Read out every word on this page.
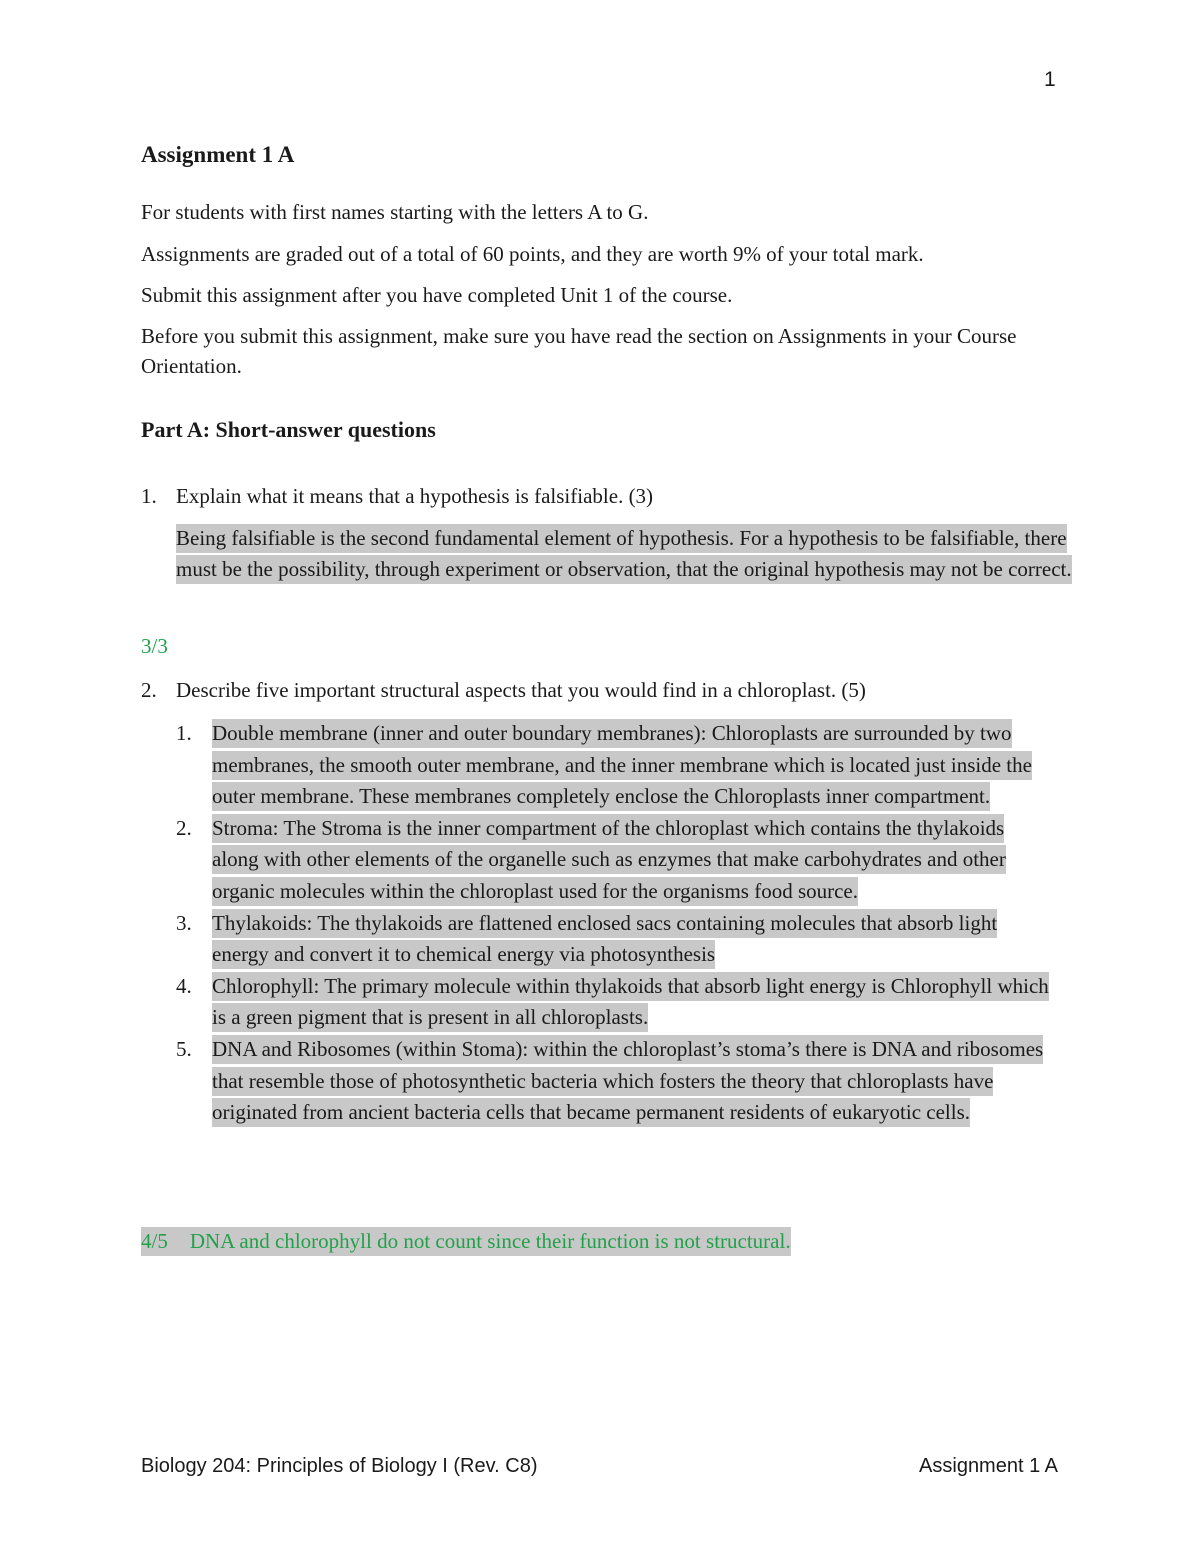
1
Assignment 1 A

For students with first names starting with the letters A to G.

Assignments are graded out of a total of 60 points, and they are worth 9% of your total mark.

Submit this assignment after you have completed Unit 1 of the course.

Before you submit this assignment, make sure you have read the section on Assignments in your Course Orientation.

Part A: Short-answer questions
1. Explain what it means that a hypothesis is falsifiable. (3)
Being falsifiable is the second fundamental element of hypothesis. For a hypothesis to be falsifiable, there must be the possibility, through experiment or observation, that the original hypothesis may not be correct.
3/3
2. Describe five important structural aspects that you would find in a chloroplast. (5)
1. Double membrane (inner and outer boundary membranes): Chloroplasts are surrounded by two membranes, the smooth outer membrane, and the inner membrane which is located just inside the outer membrane. These membranes completely enclose the Chloroplasts inner compartment.
2. Stroma: The Stroma is the inner compartment of the chloroplast which contains the thylakoids along with other elements of the organelle such as enzymes that make carbohydrates and other organic molecules within the chloroplast used for the organisms food source.
3. Thylakoids: The thylakoids are flattened enclosed sacs containing molecules that absorb light energy and convert it to chemical energy via photosynthesis
4. Chlorophyll: The primary molecule within thylakoids that absorb light energy is Chlorophyll which is a green pigment that is present in all chloroplasts.
5. DNA and Ribosomes (within Stoma): within the chloroplast’s stoma’s there is DNA and ribosomes that resemble those of photosynthetic bacteria which fosters the theory that chloroplasts have originated from ancient bacteria cells that became permanent residents of eukaryotic cells.
4/5 DNA and chlorophyll do not count since their function is not structural.
Biology 204: Principles of Biology I (Rev. C8)	Assignment 1 A
